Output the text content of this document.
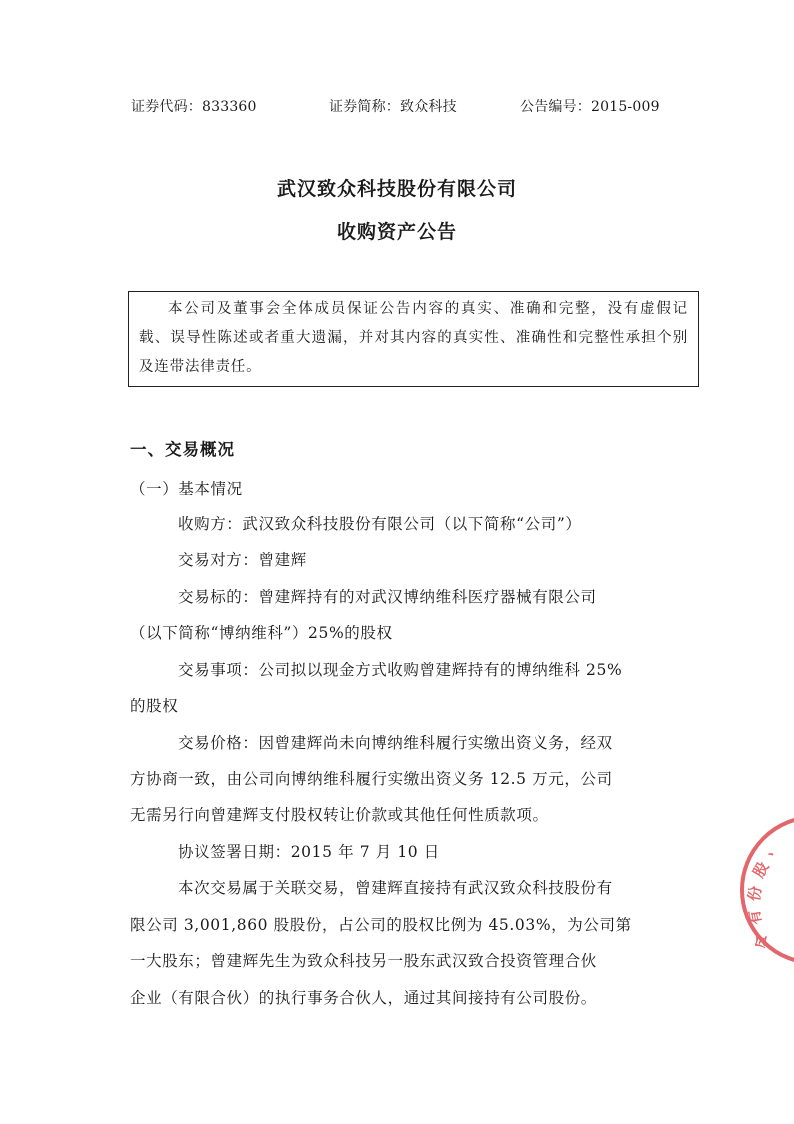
证券代码：833360	证券简称：致众科技	公告编号：2015-009
武汉致众科技股份有限公司
收购资产公告
本公司及董事会全体成员保证公告内容的真实、准确和完整，没有虚假记载、误导性陈述或者重大遗漏，并对其内容的真实性、准确性和完整性承担个别及连带法律责任。
一、交易概况
（一）基本情况
收购方：武汉致众科技股份有限公司（以下简称“公司”）
交易对方：曾建辉
交易标的：曾建辉持有的对武汉博纳维科医疗器械有限公司
（以下简称“博纳维科”）25%的股权
交易事项：公司拟以现金方式收购曾建辉持有的博纳维科 25%
的股权
交易价格：因曾建辉尚未向博纳维科履行实缴出资义务，经双
方协商一致，由公司向博纳维科履行实缴出资义务 12.5 万元，公司
无需另行向曾建辉支付股权转让价款或其他任何性质款项。
协议签署日期：2015 年 7 月 10 日
本次交易属于关联交易，曾建辉直接持有武汉致众科技股份有
限公司 3,001,860 股股份，占公司的股权比例为 45.03%，为公司第
一大股东；曾建辉先生为致众科技另一股东武汉致合投资管理合伙
企业（有限合伙）的执行事务合伙人，通过其间接持有公司股份。
、
股
份
有
令
